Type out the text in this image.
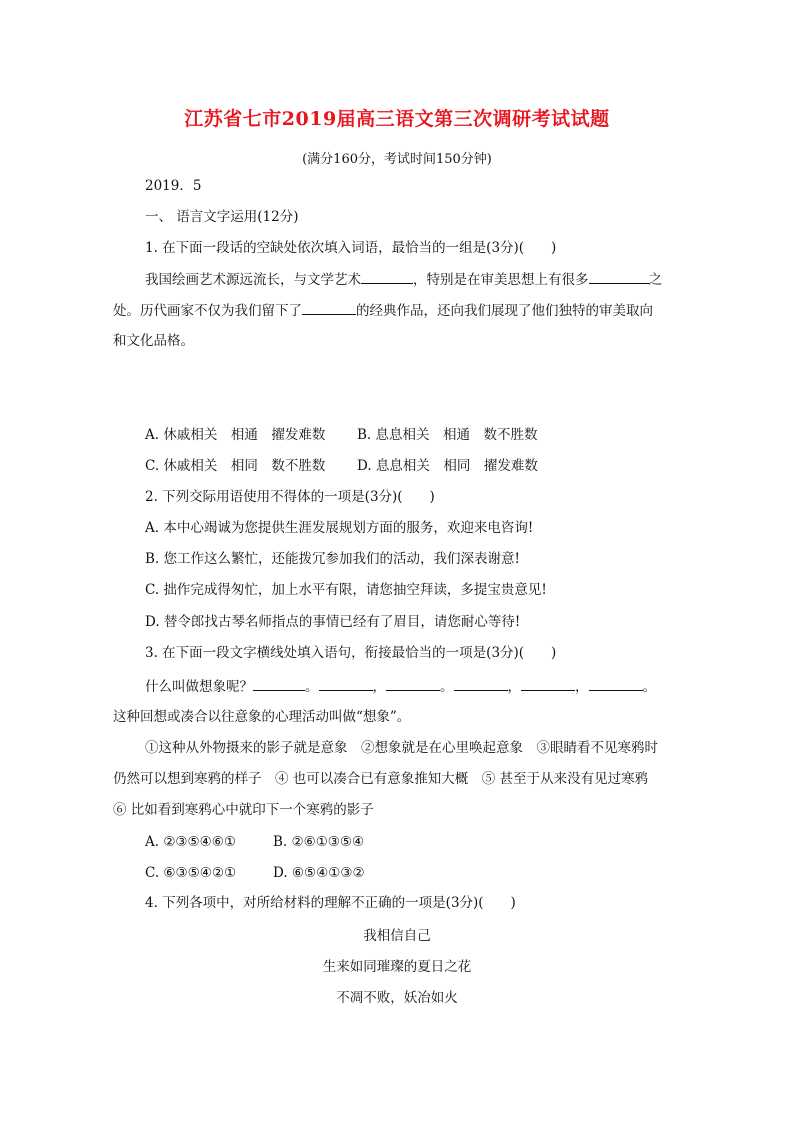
江苏省七市2019届高三语文第三次调研考试试题
(满分160分，考试时间150分钟)
2019．5
一、 语言文字运用(12分)
1. 在下面一段话的空缺处依次填入词语，最恰当的一组是(3分)(　　)
我国绘画艺术源远流长，与文学艺术	，特别是在审美思想上有很多	之
处。历代画家不仅为我们留下了	的经典作品，还向我们展现了他们独特的审美取向
和文化品格。
A. 休戚相关　相通　擢发难数 B. 息息相关　相通　数不胜数
C. 休戚相关　相同　数不胜数 D. 息息相关　相同　擢发难数
2. 下列交际用语使用不得体的一项是(3分)(　　)
A. 本中心竭诚为您提供生涯发展规划方面的服务，欢迎来电咨询!
B. 您工作这么繁忙，还能拨冗参加我们的活动，我们深表谢意!
C. 拙作完成得匆忙，加上水平有限，请您抽空拜读，多提宝贵意见!
D. 替令郎找古琴名师指点的事情已经有了眉目，请您耐心等待!
3. 在下面一段文字横线处填入语句，衔接最恰当的一项是(3分)(　　)
什么叫做想象呢？	。	，	。	，	，	。
这种回想或凑合以往意象的心理活动叫做“想象”。
①这种从外物摄来的影子就是意象　②想象就是在心里唤起意象　③眼睛看不见寒鸦时
仍然可以想到寒鸦的样子　④ 也可以凑合已有意象推知大概　⑤ 甚至于从来没有见过寒鸦
⑥ 比如看到寒鸦心中就印下一个寒鸦的影子
A. ②③⑤④⑥①	B. ②⑥①③⑤④
C. ⑥③⑤④②①	D. ⑥⑤④①③②
4. 下列各项中，对所给材料的理解不正确的一项是(3分)(　　)
我相信自己
生来如同璀璨的夏日之花
不凋不败，妖冶如火
